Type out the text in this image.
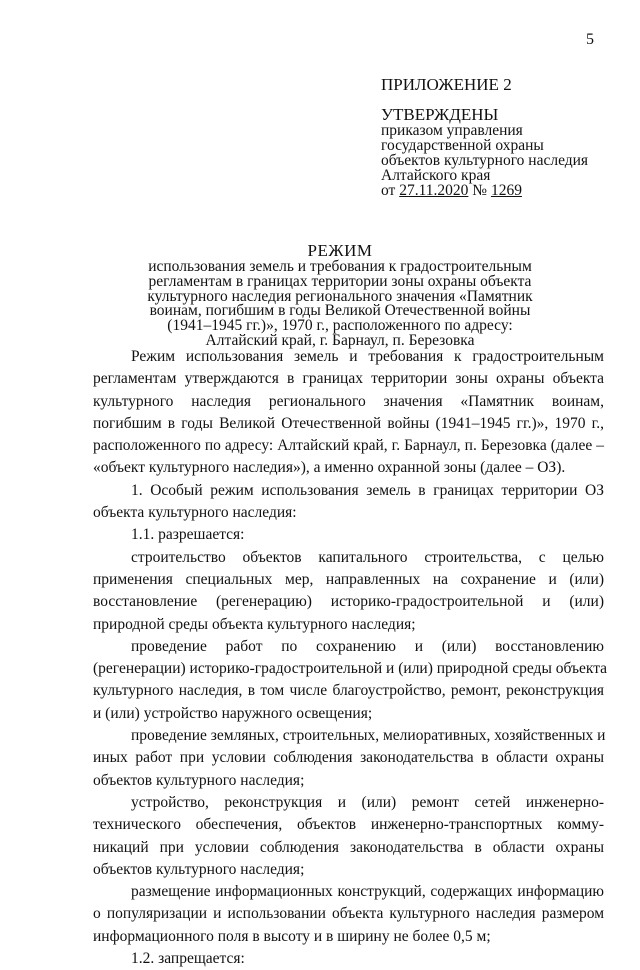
5
ПРИЛОЖЕНИЕ 2
УТВЕРЖДЕНЫ
приказом управления
государственной охраны
объектов культурного наследия
Алтайского края
от 27.11.2020 № 1269
РЕЖИМ
использования земель и требования к градостроительным
регламентам в границах территории зоны охраны объекта
культурного наследия регионального значения «Памятник
воинам, погибшим в годы Великой Отечественной войны
(1941–1945 гг.)», 1970 г., расположенного по адресу:
Алтайский край, г. Барнаул, п. Березовка
Режим использования земель и требования к градостроительным
регламентам утверждаются в границах территории зоны охраны объекта
культурного наследия регионального значения «Памятник воинам,
погибшим в годы Великой Отечественной войны (1941–1945 гг.)», 1970 г.,
расположенного по адресу: Алтайский край, г. Барнаул, п. Березовка (далее –
«объект культурного наследия»), а именно охранной зоны (далее – ОЗ).
1. Особый режим использования земель в границах территории ОЗ
объекта культурного наследия:
1.1. разрешается:
строительство объектов капитального строительства, с целью
применения специальных мер, направленных на сохранение и (или)
восстановление (регенерацию) историко-градостроительной и (или)
природной среды объекта культурного наследия;
проведение работ по сохранению и (или) восстановлению
(регенерации) историко-градостроительной и (или) природной среды объекта
культурного наследия, в том числе благоустройство, ремонт, реконструкция
и (или) устройство наружного освещения;
проведение земляных, строительных, мелиоративных, хозяйственных и
иных работ при условии соблюдения законодательства в области охраны
объектов культурного наследия;
устройство, реконструкция и (или) ремонт сетей инженерно-
технического обеспечения, объектов инженерно-транспортных комму-
никаций при условии соблюдения законодательства в области охраны
объектов культурного наследия;
размещение информационных конструкций, содержащих информацию
о популяризации и использовании объекта культурного наследия размером
информационного поля в высоту и в ширину не более 0,5 м;
1.2. запрещается:
